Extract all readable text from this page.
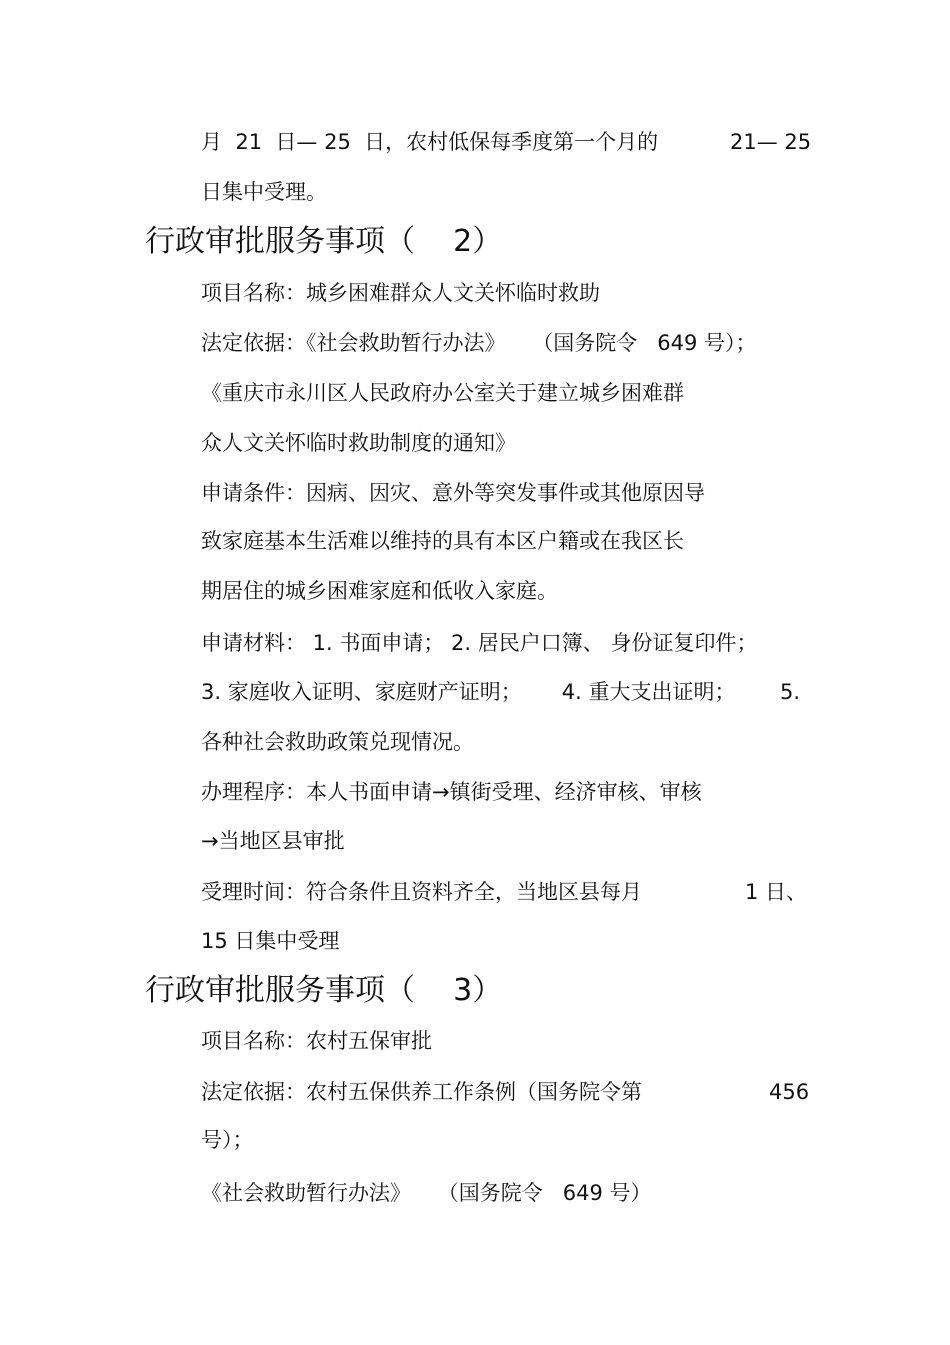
月  21  日— 25  日，农村低保每季度第一个月的	21— 25
日集中受理。
行政审批服务事项（    2）
项目名称：城乡困难群众人文关怀临时救助
法定依据：《社会救助暂行办法》    （国务院令   649 号）；
《重庆市永川区人民政府办公室关于建立城乡困难群
众人文关怀临时救助制度的通知》
申请条件：因病、因灾、意外等突发事件或其他原因导
致家庭基本生活难以维持的具有本区户籍或在我区长
期居住的城乡困难家庭和低收入家庭。
申请材料： 1. 书面申请； 2. 居民户口簿、 身份证复印件；
3. 家庭收入证明、家庭财产证明；      4. 重大支出证明； 5.
各种社会救助政策兑现情况。
办理程序：本人书面申请→镇街受理、经济审核、审核
→当地区县审批
受理时间：符合条件且资料齐全，当地区县每月	1 日、
15 日集中受理
行政审批服务事项（    3）
项目名称：农村五保审批
法定依据：农村五保供养工作条例（国务院令第	456
号）；
《社会救助暂行办法》    （国务院令   649 号）
